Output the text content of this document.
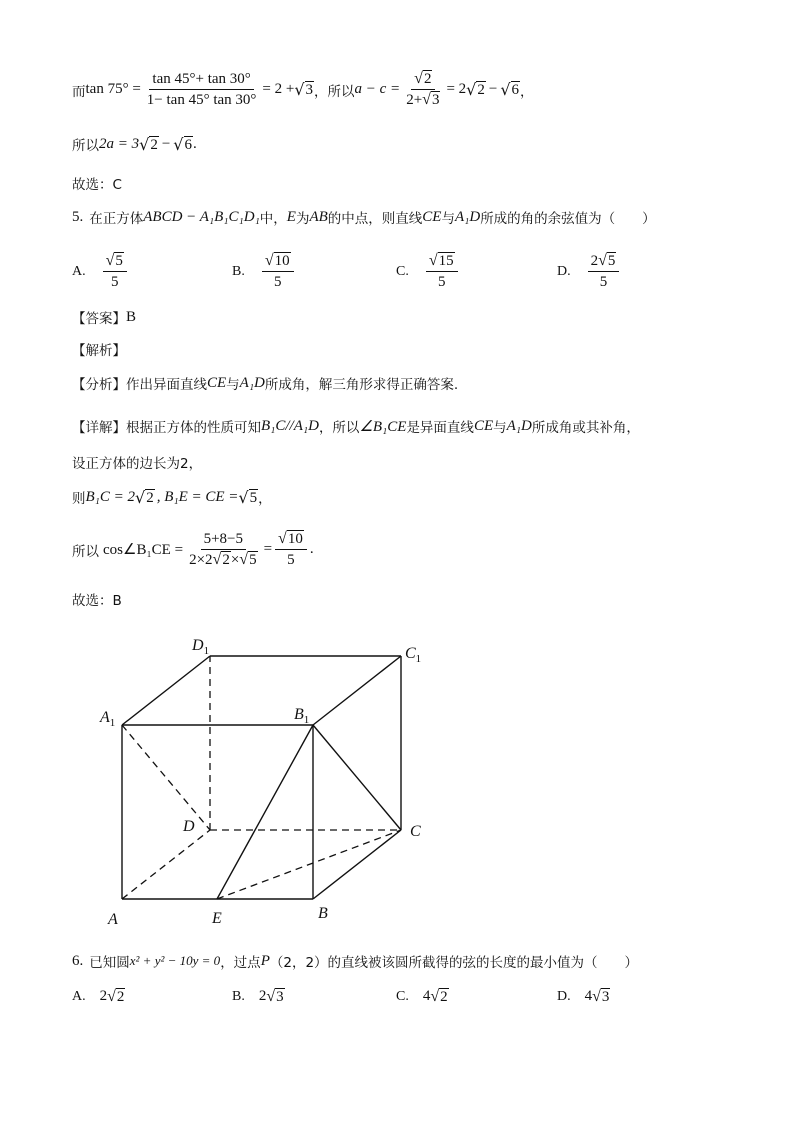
而 $\tan 75^\circ = \frac{\tan 45^\circ+ \tan 30^\circ}{1- \tan 45^\circ \tan 30^\circ} = 2$ + √ 3 ，所以 $a - c = \frac{√ 2}{2+ √ 3} = 2$ √ 2 − √ 6 ，
所以 2a = 3 √ 2 − √ 6 .
故选：C
5. 在正方体 ABCD − A₁B₁C₁D₁ 中， E 为 AB 的中点，则直线 CE 与 A₁D 所成的角的余弦值为（　　）
A. $\frac{√ 5}{5}$	B. $\frac{√ 10}{5}$	C. $\frac{√ 15}{5}$	D. $\frac{2 √ 5}{5}$
【答案】 B
【解析】
【分析】 作出异面直线 CE 与 A₁D 所成角，解三角形求得正确答案.
【详解】 根据正方体的性质可知 B₁C//A₁D ，所以 ∠B₁CE 是异面直线 CE 与 A₁D 所成角或其补角，
设正方体的边长为2，
则 B₁C = 2 √ 2 , B₁E = CE = √ 5 ，
所以 cos∠B₁CE = $\frac{5+8-5}{2\times 2 √ 2 \times √ 5} = \frac{√ 10}{5}$ .
故选：B
$D_1$	$C_1$
$A_1$	$B_1$
D	C
A	E	B
6. 已知圆 x² + y² − 10y = 0 ，过点 P （2，2）的直线被该圆所截得的弦的长度的最小值为（　　）
A. 2 √ 2	B. 2 √ 3	C. 4 √ 2	D. 4 √ 3
